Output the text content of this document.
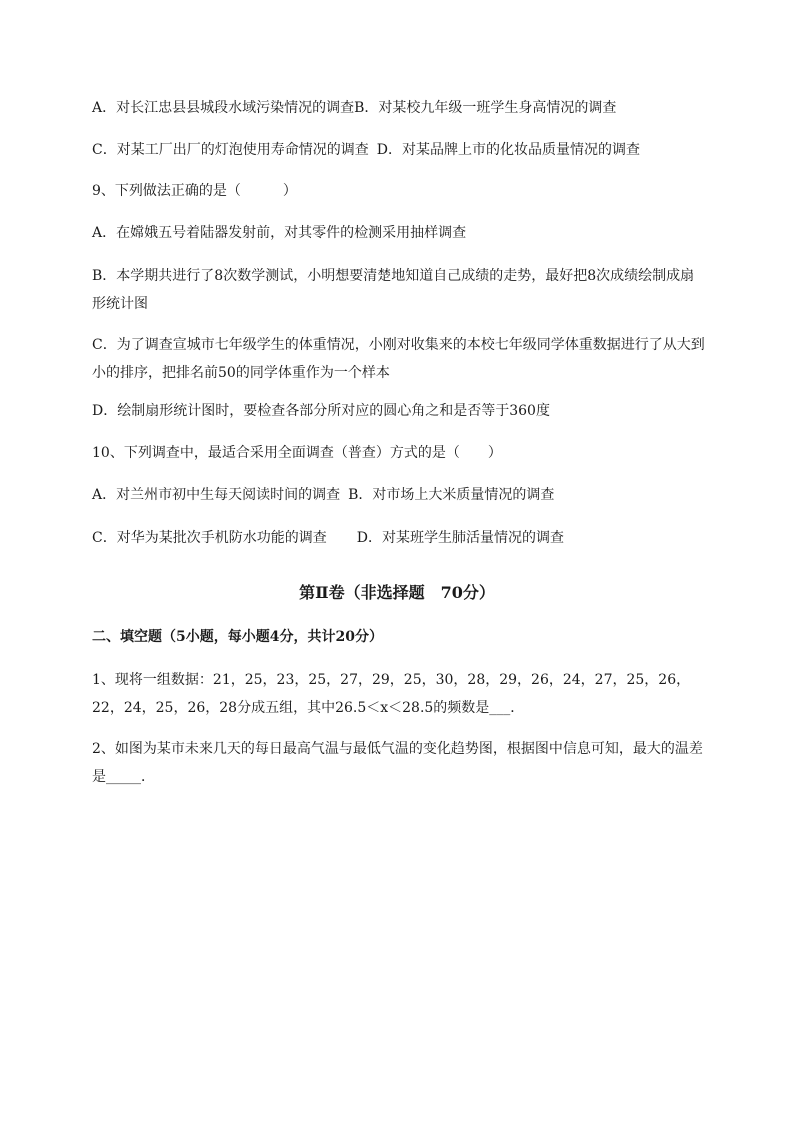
A．对长江忠县县城段水域污染情况的调查B．对某校九年级一班学生身高情况的调查
C．对某工厂出厂的灯泡使用寿命情况的调查 D．对某品牌上市的化妆品质量情况的调查
9、下列做法正确的是（　　　）
A．在嫦娥五号着陆器发射前，对其零件的检测采用抽样调查
B．本学期共进行了8次数学测试，小明想要清楚地知道自己成绩的走势，最好把8次成绩绘制成扇形统计图
C．为了调查宣城市七年级学生的体重情况，小刚对收集来的本校七年级同学体重数据进行了从大到小的排序，把排名前50的同学体重作为一个样本
D．绘制扇形统计图时，要检查各部分所对应的圆心角之和是否等于360度
10、下列调查中，最适合采用全面调查（普查）方式的是（　　）
A．对兰州市初中生每天阅读时间的调查 B．对市场上大米质量情况的调查
C．对华为某批次手机防水功能的调查 D．对某班学生肺活量情况的调查
第Ⅱ卷（非选择题　70分）
二、填空题（5小题，每小题4分，共计20分）
1、现将一组数据：21，25，23，25，27，29，25，30，28，29，26，24，27，25，26，22，24，25，26，28分成五组，其中26.5＜x＜28.5的频数是___．
2、如图为某市未来几天的每日最高气温与最低气温的变化趋势图，根据图中信息可知，最大的温差是_____．
